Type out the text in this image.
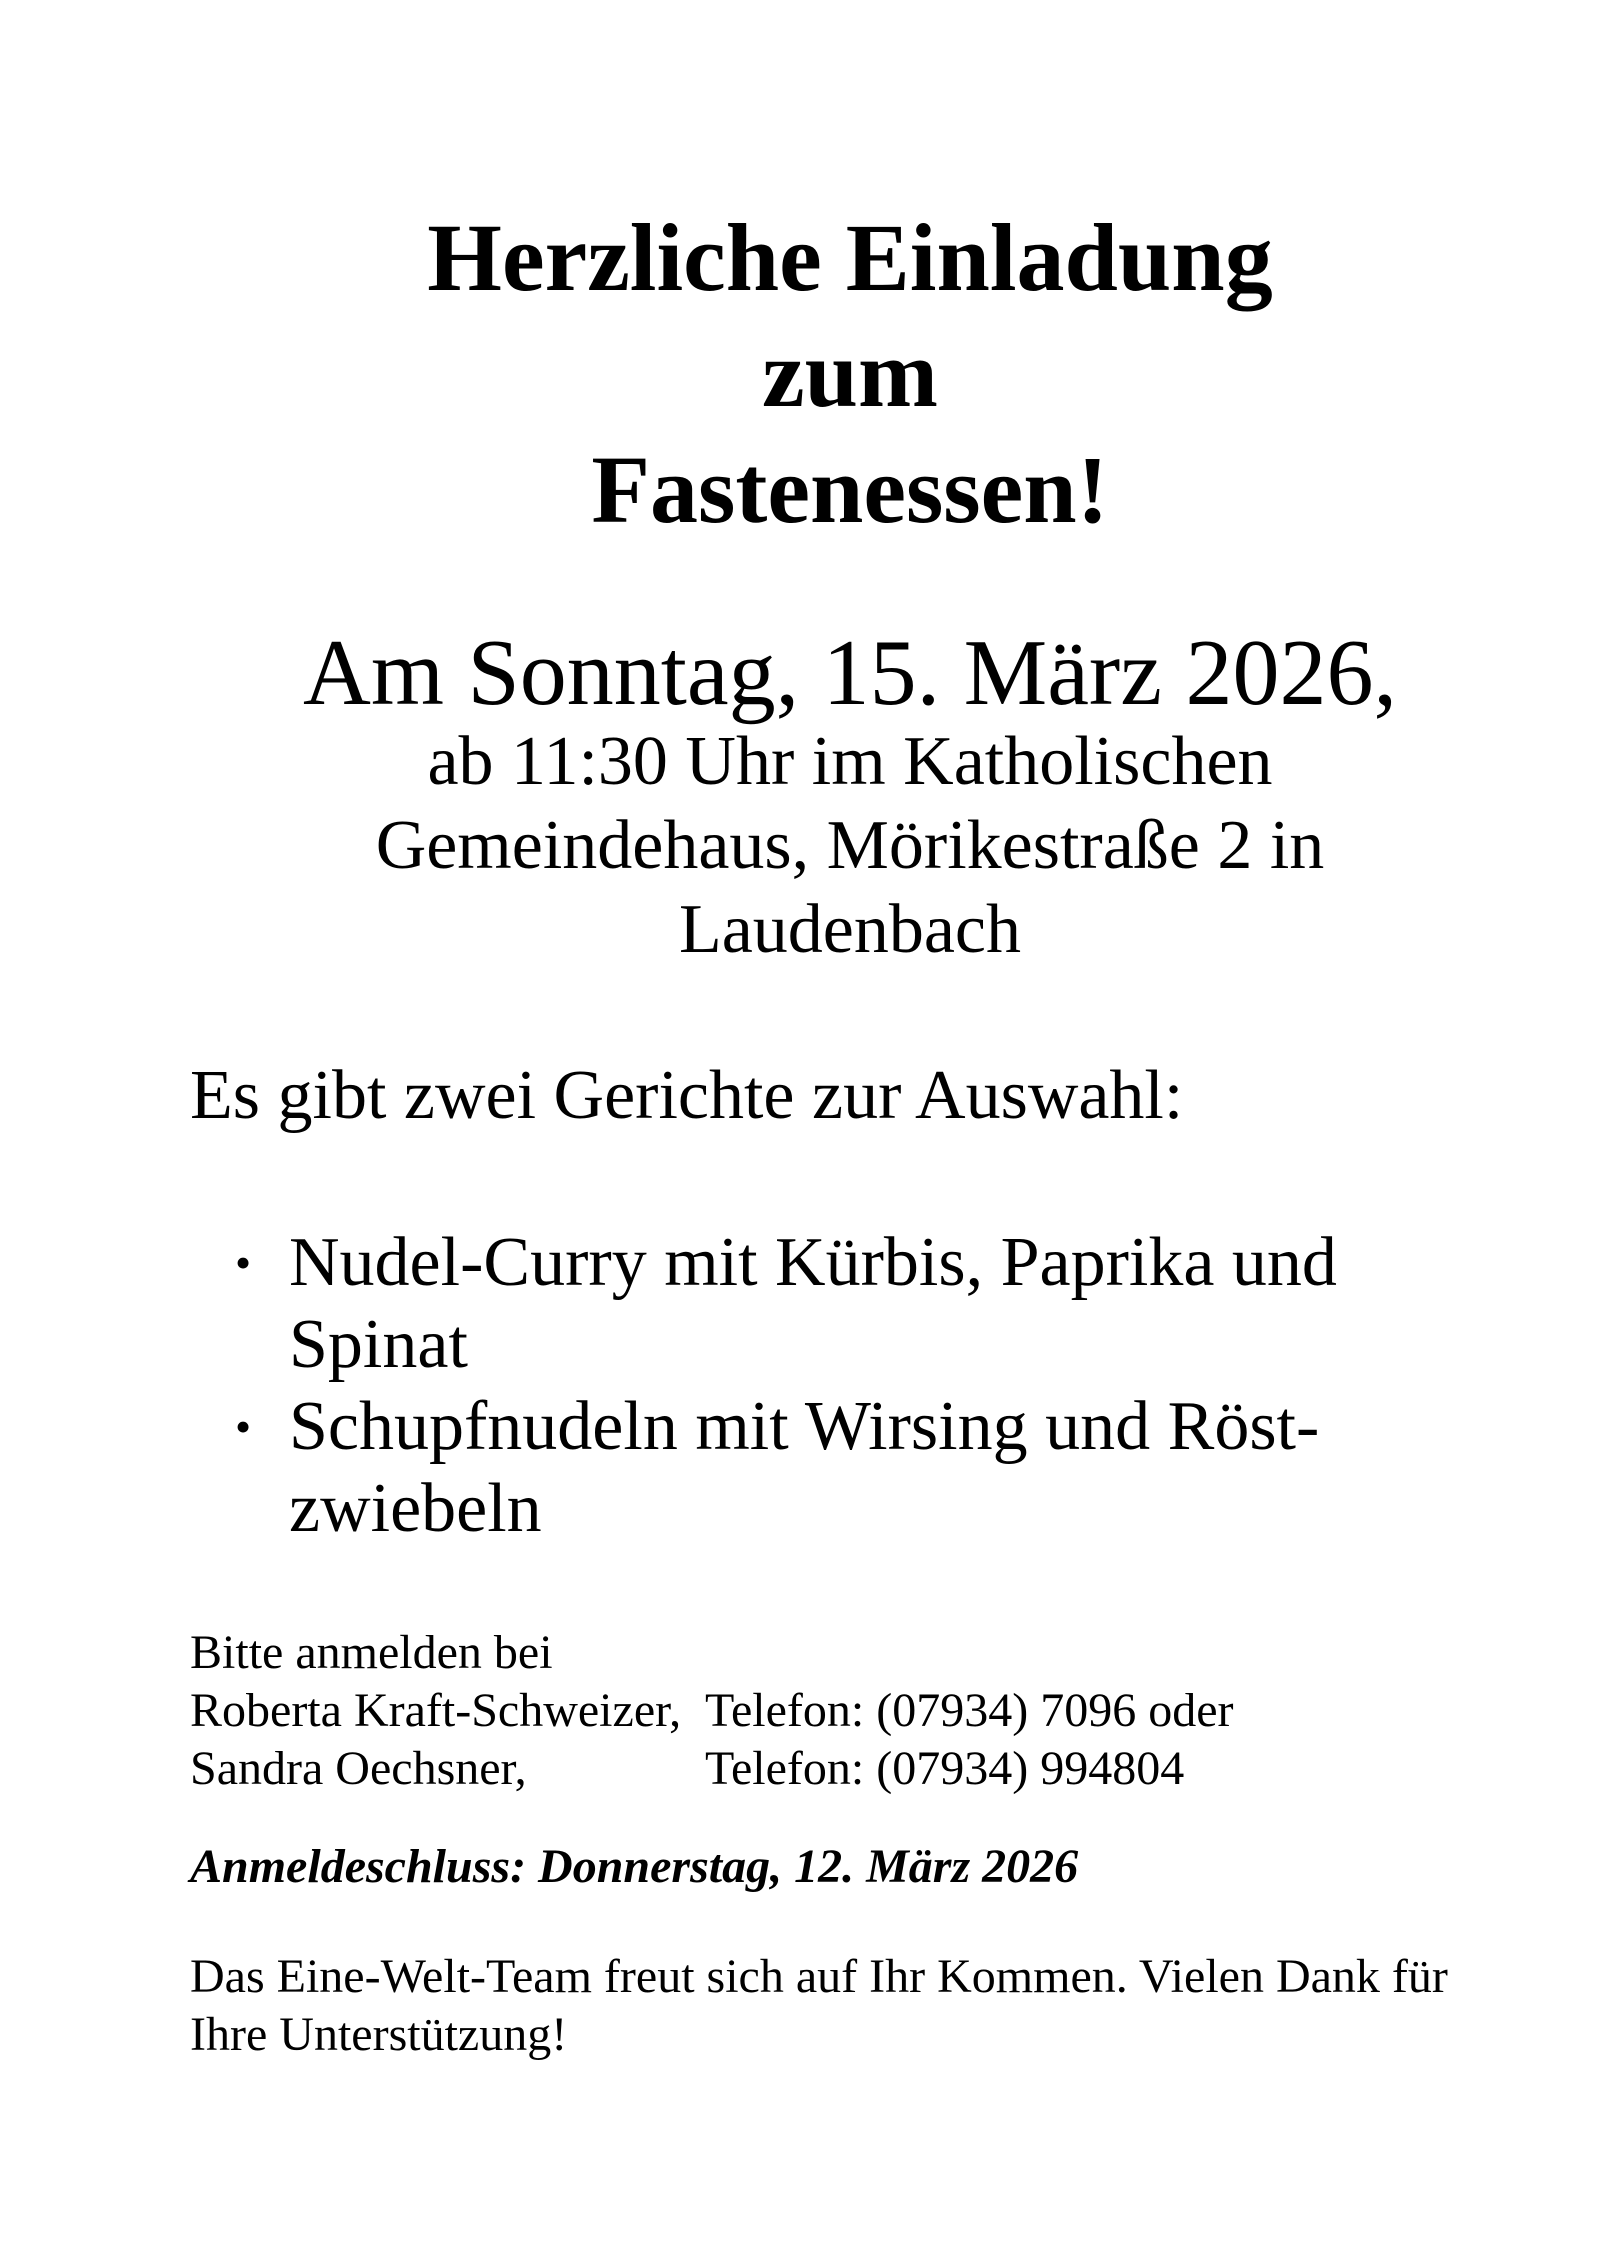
Herzliche Einladung
zum
Fastenessen!
Am Sonntag, 15. März 2026,
ab 11:30 Uhr im Katholischen
Gemeindehaus, Mörikestraße 2 in
Laudenbach
Es gibt zwei Gerichte zur Auswahl:
• Nudel-Curry mit Kürbis, Paprika und
Spinat
• Schupfnudeln mit Wirsing und Röst-
zwiebeln
Bitte anmelden bei
Roberta Kraft-Schweizer, Telefon: (07934) 7096 oder
Sandra Oechsner,	Telefon: (07934) 994804
Anmeldeschluss: Donnerstag, 12. März 2026
Das Eine-Welt-Team freut sich auf Ihr Kommen. Vielen Dank für
Ihre Unterstützung!
